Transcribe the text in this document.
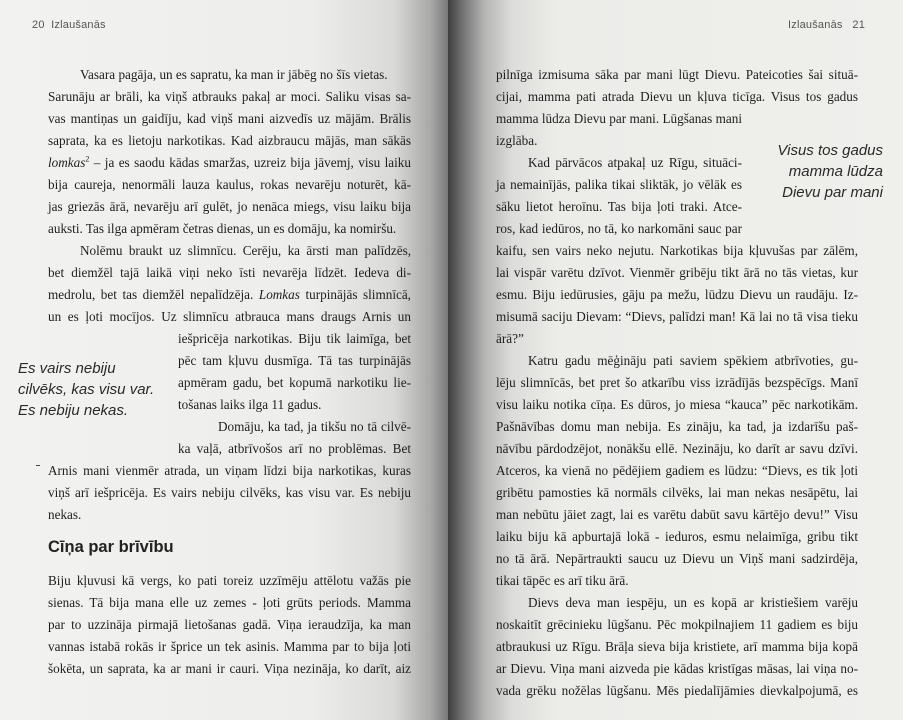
20 Izlaušanās
Vasara pagāja, un es sapratu, ka man ir jābēg no šīs vietas.
Sarunāju ar brāli, ka viņš atbrauks pakaļ ar moci. Saliku visas sa-
vas mantiņas un gaidīju, kad viņš mani aizvedīs uz mājām. Brālis
saprata, ka es lietoju narkotikas. Kad aizbraucu mājās, man sākās
lomkas$^2$ – ja es saodu kādas smaržas, uzreiz bija jāvemj, visu laiku
bija caureja, nenormāli lauza kaulus, rokas nevarēju noturēt, kā-
jas griezās ārā, nevarēju arī gulēt, jo nenāca miegs, visu laiku bija
auksti. Tas ilga apmēram četras dienas, un es domāju, ka nomiršu.
Nolēmu braukt uz slimnīcu. Cerēju, ka ārsti man palīdzēs,
bet diemžēl tajā laikā viņi neko īsti nevarēja līdzēt. Iedeva di-
medrolu, bet tas diemžēl nepalīdzēja. Lomkas turpinājās slimnīcā,
un es ļoti mocījos. Uz slimnīcu atbrauca mans draugs Arnis un
iešpricēja narkotikas. Biju tik laimīga, bet
pēc tam kļuvu dusmīga. Tā tas turpinājās
apmēram gadu, bet kopumā narkotiku lie-
tošanas laiks ilga 11 gadus.
Es vairs nebiju
cilvēks, kas visu var.
Es nebiju nekas.
Domāju, ka tad, ja tikšu no tā cilvē-
ka vaļā, atbrīvošos arī no problēmas. Bet
Arnis mani vienmēr atrada, un viņam līdzi bija narkotikas, kuras
viņš arī iešpricēja. Es vairs nebiju cilvēks, kas visu var. Es nebiju
nekas.
Cīņa par brīvību
Biju kļuvusi kā vergs, ko pati toreiz uzzīmēju attēlotu važās pie
sienas. Tā bija mana elle uz zemes - ļoti grūts periods. Mamma
par to uzzināja pirmajā lietošanas gadā. Viņa ieraudzīja, ka man
vannas istabā rokās ir šprice un tek asinis. Mamma par to bija ļoti
šokēta, un saprata, ka ar mani ir cauri. Viņa nezināja, ko darīt, aiz
Izlaušanās 21
pilnīga izmisuma sāka par mani lūgt Dievu. Pateicoties šai situā-
cijai, mamma pati atrada Dievu un kļuva ticīga. Visus tos gadus
mamma lūdza Dievu par mani. Lūgšanas mani
izglāba.
Visus tos gadus
mamma lūdza
Dievu par mani
Kad pārvācos atpakaļ uz Rīgu, situāci-
ja nemainījās, palika tikai sliktāk, jo vēlāk es
sāku lietot heroīnu. Tas bija ļoti traki. Atce-
ros, kad iedūros, no tā, ko narkomāni sauc par
kaifu, sen vairs neko nejutu. Narkotikas bija kļuvušas par zālēm,
lai vispār varētu dzīvot. Vienmēr gribēju tikt ārā no tās vietas, kur
esmu. Biju iedūrusies, gāju pa mežu, lūdzu Dievu un raudāju. Iz-
misumā saciju Dievam: “Dievs, palīdzi man! Kā lai no tā visa tieku
ārā?”
Katru gadu mēģināju pati saviem spēkiem atbrīvoties, gu-
lēju slimnīcās, bet pret šo atkarību viss izrādījās bezspēcīgs. Manī
visu laiku notika cīņa. Es dūros, jo miesa “kauca” pēc narkotikām.
Pašnāvības domu man nebija. Es zināju, ka tad, ja izdarīšu paš-
nāvību pārdodzējot, nonākšu ellē. Nezināju, ko darīt ar savu dzīvi.
Atceros, ka vienā no pēdējiem gadiem es lūdzu: “Dievs, es tik ļoti
gribētu pamosties kā normāls cilvēks, lai man nekas nesāpētu, lai
man nebūtu jāiet zagt, lai es varētu dabūt savu kārtējo devu!” Visu
laiku biju kā apburtajā lokā - ieduros, esmu nelaimīga, gribu tikt
no tā ārā. Nepārtraukti saucu uz Dievu un Viņš mani sadzirdēja,
tikai tāpēc es arī tiku ārā.
Dievs deva man iespēju, un es kopā ar kristiešiem varēju
noskaitīt grēcinieku lūgšanu. Pēc mokpilnajiem 11 gadiem es biju
atbraukusi uz Rīgu. Brāļa sieva bija kristiete, arī mamma bija kopā
ar Dievu. Viņa mani aizveda pie kādas kristīgas māsas, lai viņa no-
vada grēku nožēlas lūgšanu. Mēs piedalījāmies dievkalpojumā, es
